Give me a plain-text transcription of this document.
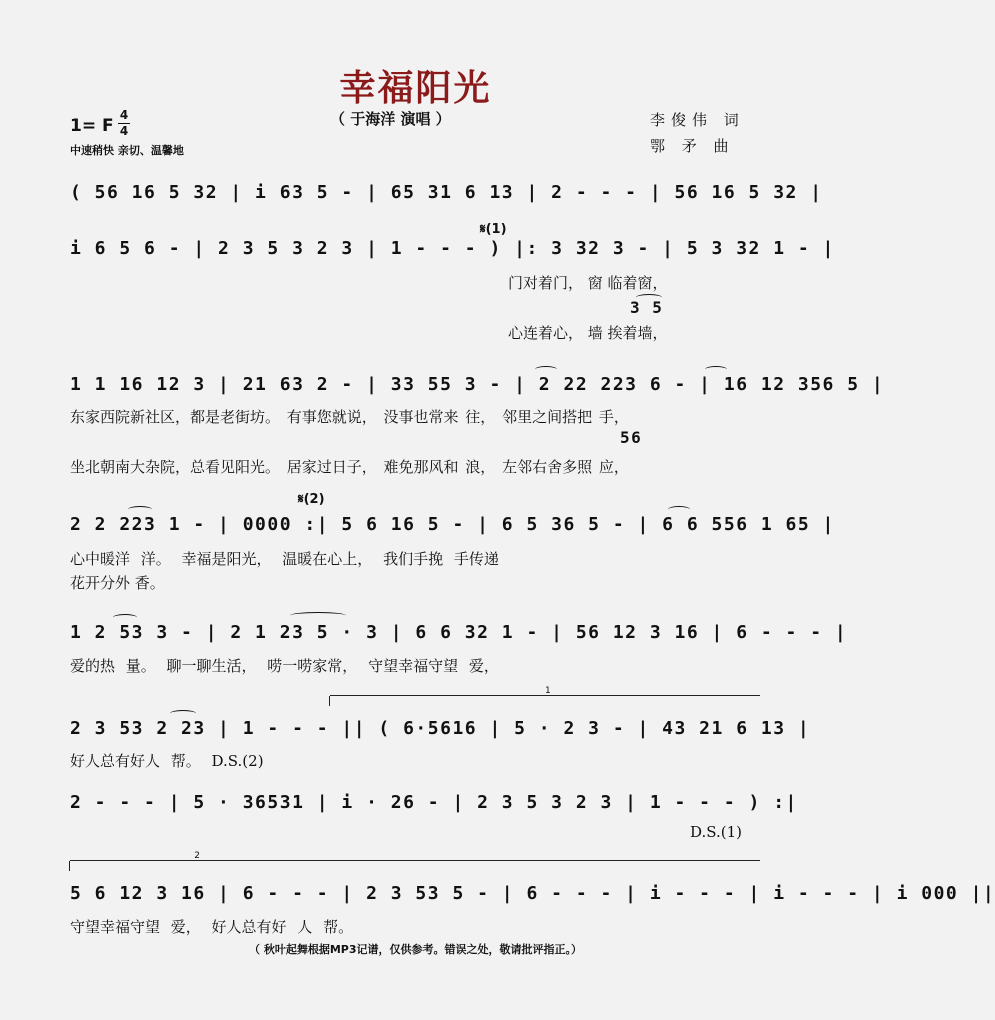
幸福阳光
（ 于海洋 演唱 ）	李俊伟 词
鄂 矛 曲
1= F
4
4
中速稍快 亲切、温馨地
( 56 16 5 32 | i 63 5 - | 65 31 6 13 | 2 - - - | 56 16 5 32 |
𝄋(1)
i 6 5 6 - | 2 3 5 3 2 3 | 1 - - - ) |: 3 32 3 - | 5 3 32 1 - |
门对着门， 窗 临着窗，
3 5
心连着心， 墙 挨着墙，
1 1 16 12 3 | 21 63 2 - | 33 55 3 - | 2 22 223 6 - | 16 12 356 5 |
东家西院新社区，都是老街坊。 有事您就说， 没事也常来 往， 邻里之间搭把 手，
56
坐北朝南大杂院，总看见阳光。 居家过日子， 难免那风和 浪， 左邻右舍多照 应，
𝄋(2)
2 2 223 1 - | 0000 :| 5 6 16 5 - | 6 5 36 5 - | 6 6 556 1 65 |
心中暖洋 洋。 幸福是阳光， 温暖在心上， 我们手挽 手传递
花开分外 香。
1 2 53 3 - | 2 1 23 5 · 3 | 6 6 32 1 - | 56 12 3 16 | 6 - - - |
爱的热 量。 聊一聊生活， 唠一唠家常， 守望幸福守望 爱，
1
2 3 53 2 23 | 1 - - - || ( 6·5616 | 5 · 2 3 - | 43 21 6 13 |
好人总有好人 帮。 D.S.(2)
2 - - - | 5 · 36531 | i · 26 - | 2 3 5 3 2 3 | 1 - - - ) :|
D.S.(1)
2
5 6 12 3 16 | 6 - - - | 2 3 53 5 - | 6 - - - | i - - - | i - - - | i 000 ||
守望幸福守望 爱， 好人总有好 人 帮。
（ 秋叶起舞根据MP3记谱，仅供参考。错误之处，敬请批评指正。）
